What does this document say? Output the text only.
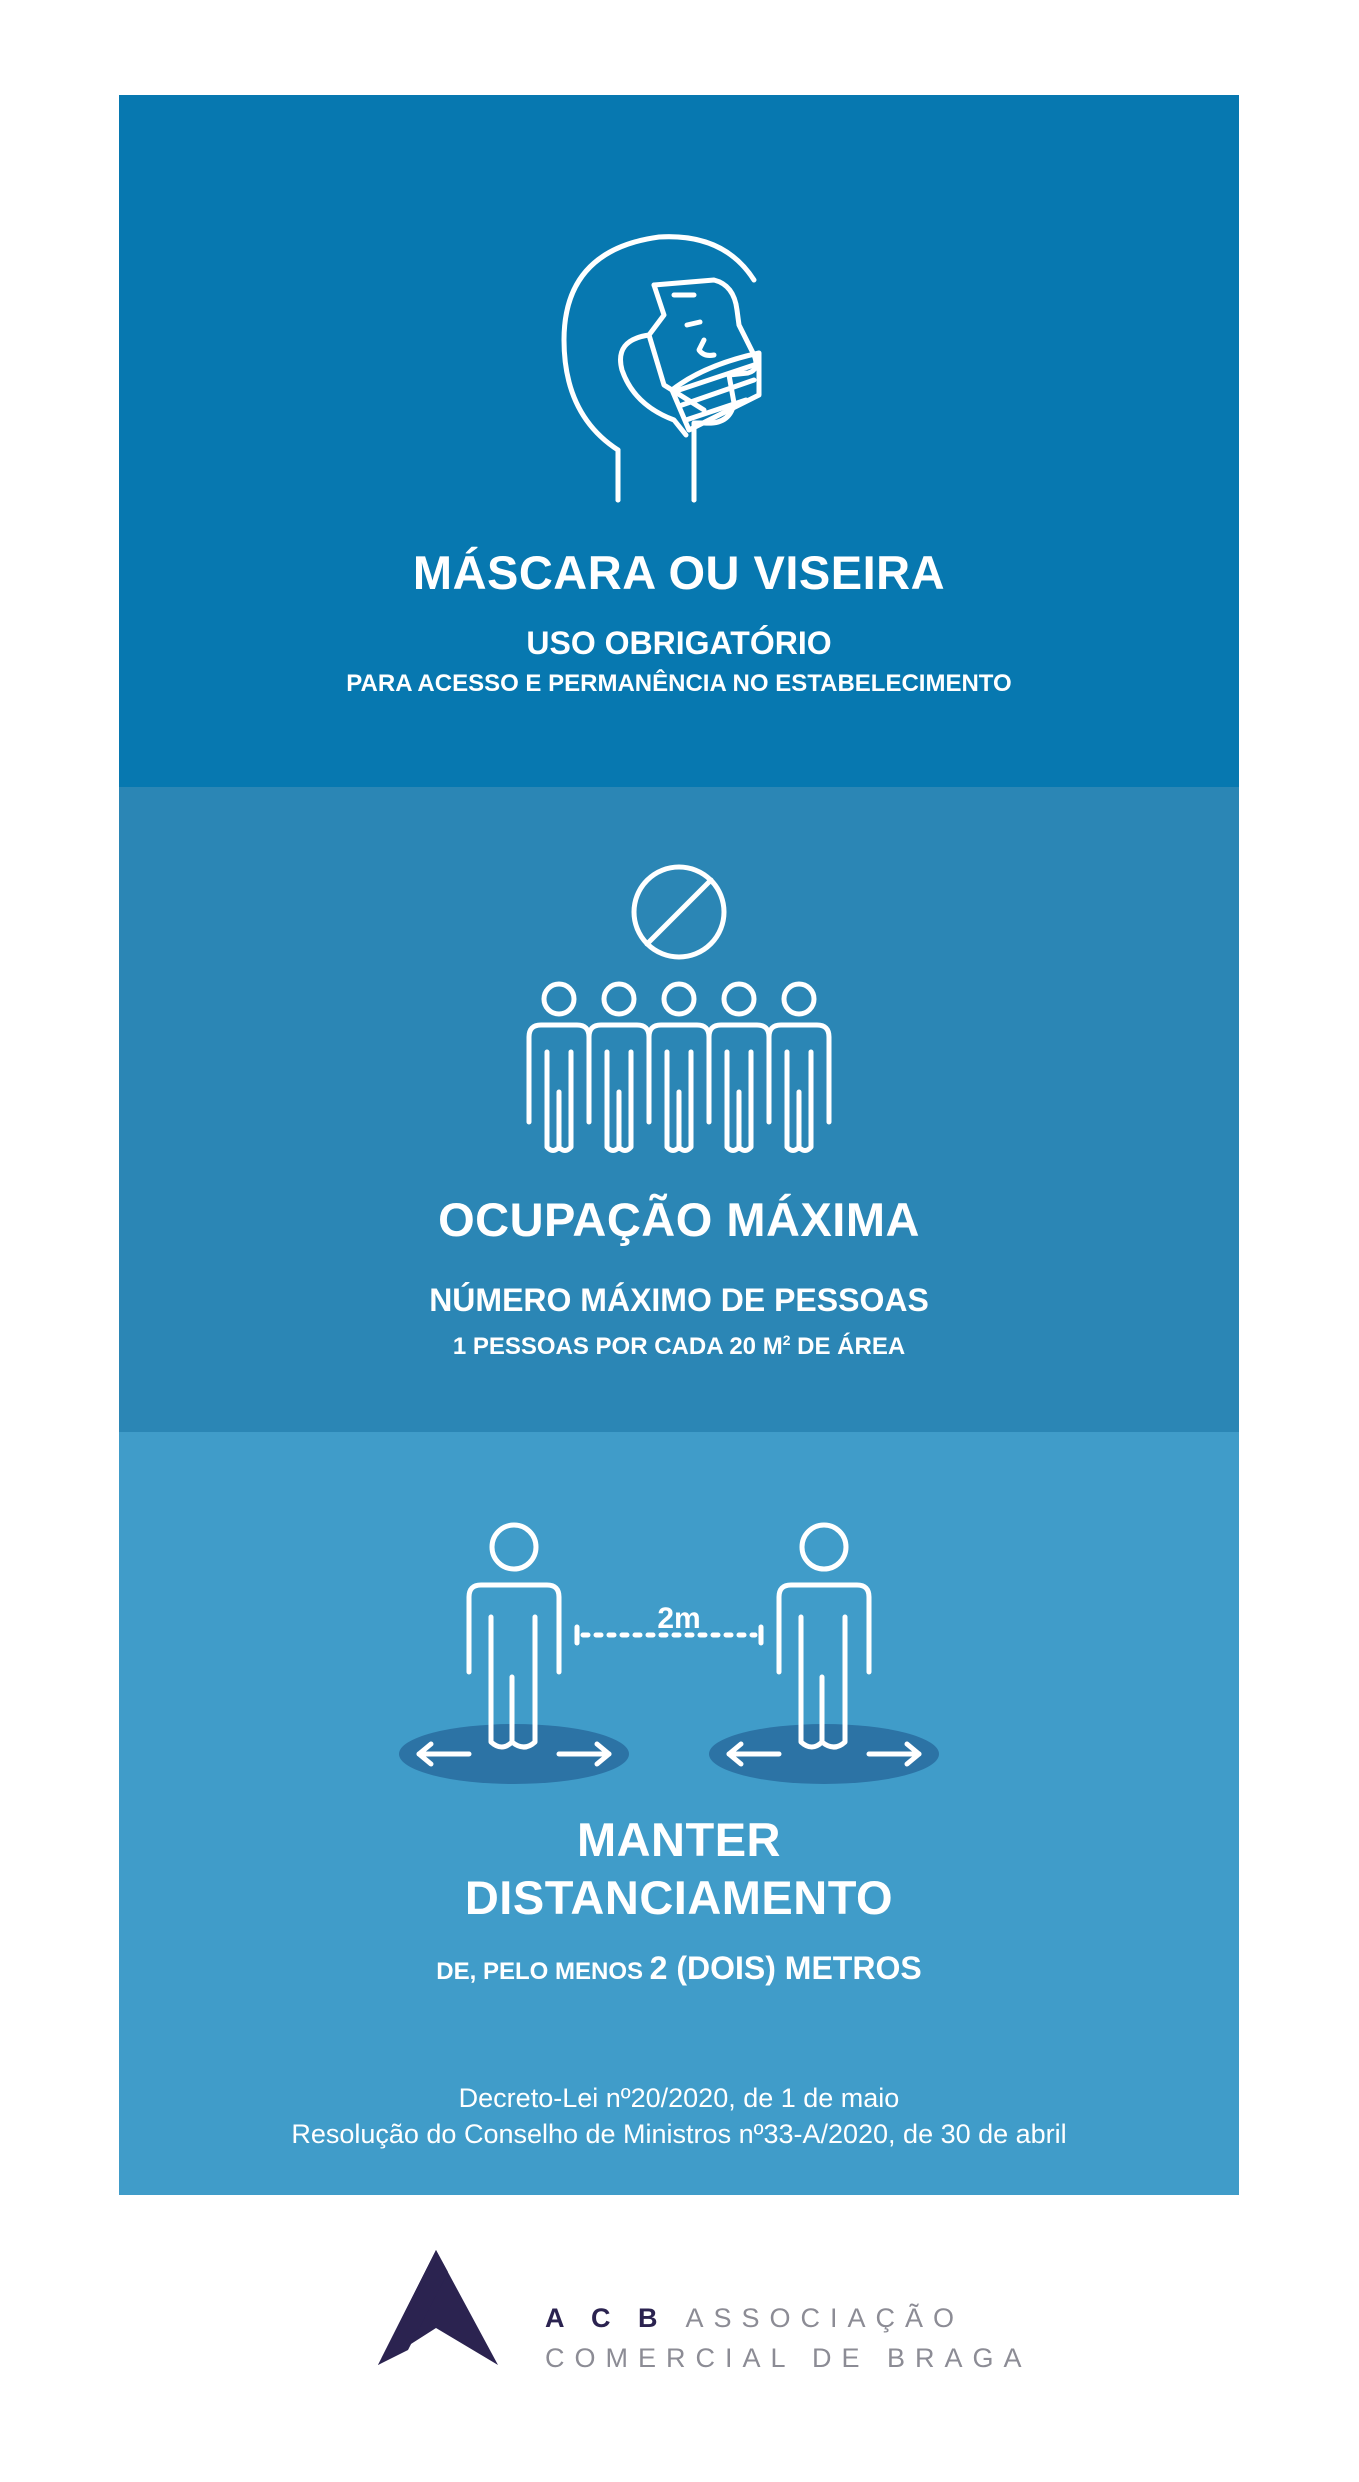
MÁSCARA OU VISEIRA
USO OBRIGATÓRIO
PARA ACESSO E PERMANÊNCIA NO ESTABELECIMENTO
OCUPAÇÃO MÁXIMA
NÚMERO MÁXIMO DE PESSOAS
1 PESSOAS POR CADA 20 $M^2$ DE ÁREA
2m
MANTER
DISTANCIAMENTO
DE, PELO MENOS 2 (DOIS) METROS
Decreto-Lei nº20/2020, de 1 de maio
Resolução do Conselho de Ministros nº33-A/2020, de 30 de abril
A C B ASSOCIAÇÃO
COMERCIAL DE BRAGA
